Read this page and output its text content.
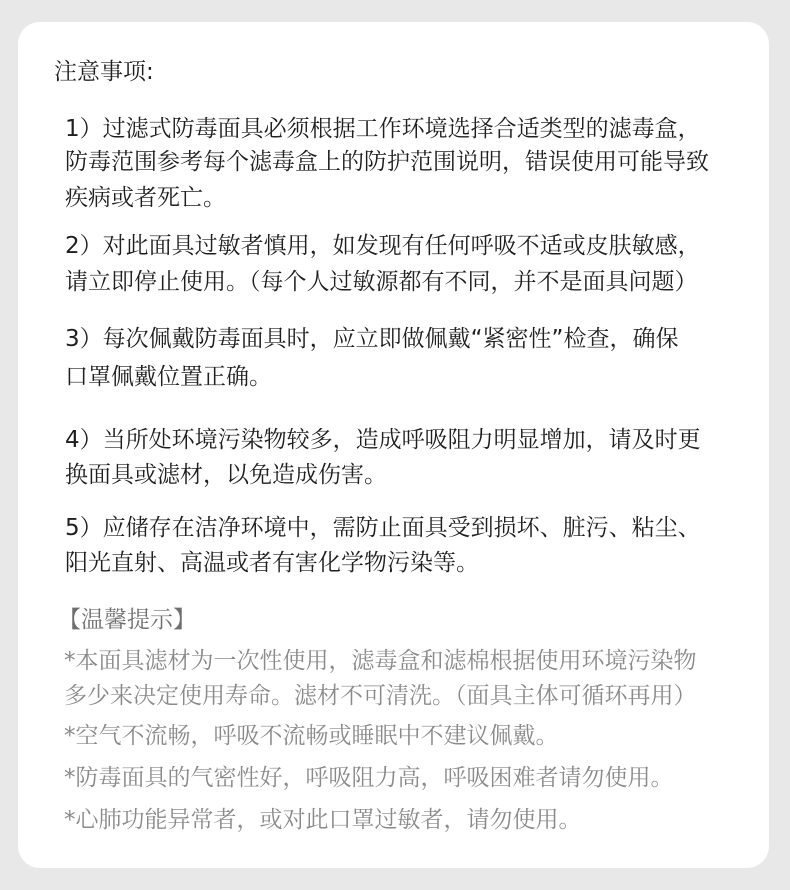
注意事项:
1）过滤式防毒面具必须根据工作环境选择合适类型的滤毒盒，
防毒范围参考每个滤毒盒上的防护范围说明，错误使用可能导致
疾病或者死亡。
2）对此面具过敏者慎用，如发现有任何呼吸不适或皮肤敏感，
请立即停止使用。（每个人过敏源都有不同，并不是面具问题）
3）每次佩戴防毒面具时，应立即做佩戴“紧密性”检查，确保
口罩佩戴位置正确。
4）当所处环境污染物较多，造成呼吸阻力明显增加，请及时更
换面具或滤材，以免造成伤害。
5）应储存在洁净环境中，需防止面具受到损坏、脏污、粘尘、
阳光直射、高温或者有害化学物污染等。
【温馨提示】
*本面具滤材为一次性使用，滤毒盒和滤棉根据使用环境污染物
多少来决定使用寿命。滤材不可清洗。（面具主体可循环再用）
*空气不流畅，呼吸不流畅或睡眠中不建议佩戴。
*防毒面具的气密性好，呼吸阻力高，呼吸困难者请勿使用。
*心肺功能异常者，或对此口罩过敏者，请勿使用。
